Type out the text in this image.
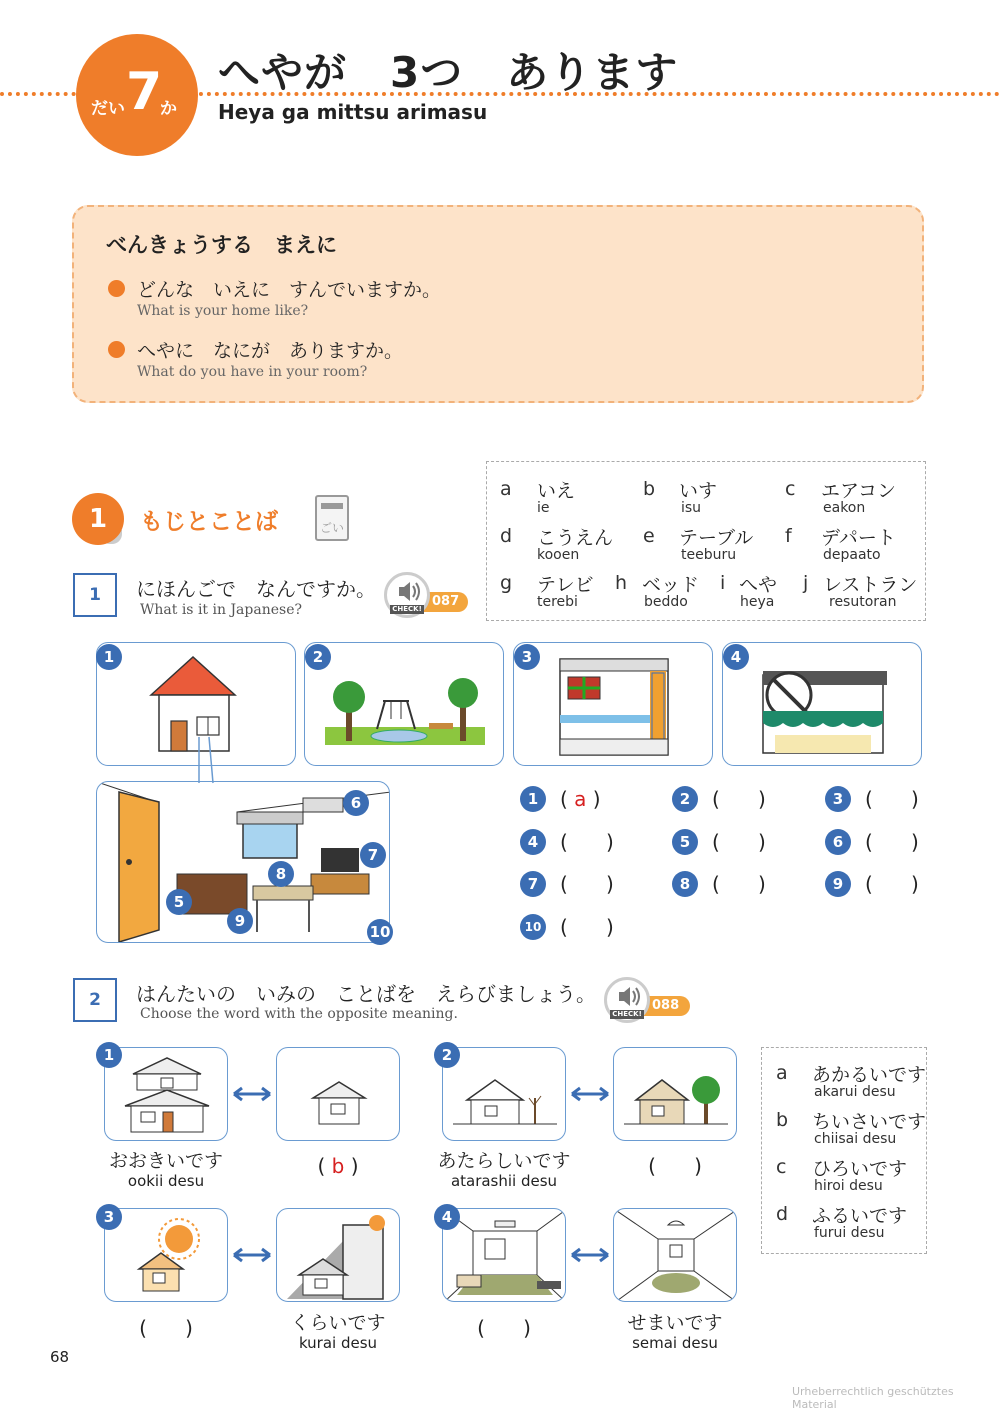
だい 7
か
へやが　3つ　あります
Heya ga mittsu arimasu
べんきょうする　まえに
どんな　いえに　すんでいますか。
What is your home like?
へやに　なにが　ありますか。
What do you have in your room?
1	もじとことば	ごい
a いえ
ie
b いす
isu
c エアコン
eakon
d こうえん
kooen
e テーブル
teeburu
f デパート
depaato
g テレビ
terebi
h ベッド
beddo
i へや
heya
j レストラン
resutoran
1	にほんごで　なんですか。
What is it in Japanese?
087
CHECK!
1	2	3	4
5
6
7
8
9
10
1	( a )	2	(      )	3	(      )
4	(      )	5	(      )	6	(      )
7	(      )	8	(      )	9	(      )
10 (      )
2	はんたいの　いみの　ことばを　えらびましょう。
Choose the word with the opposite meaning.
088
CHECK!
1
おおきいです
ookii desu
( b )
2
あたらしいです
atarashii desu
(      )
3
(      )	くらいです
kurai desu
4
(      )	せまいです
semai desu
a あかるいです
akarui desu
b ちいさいです
chiisai desu
c ひろいです
hiroi desu
d ふるいです
furui desu
68
Urheberrechtlich geschütztes Material
